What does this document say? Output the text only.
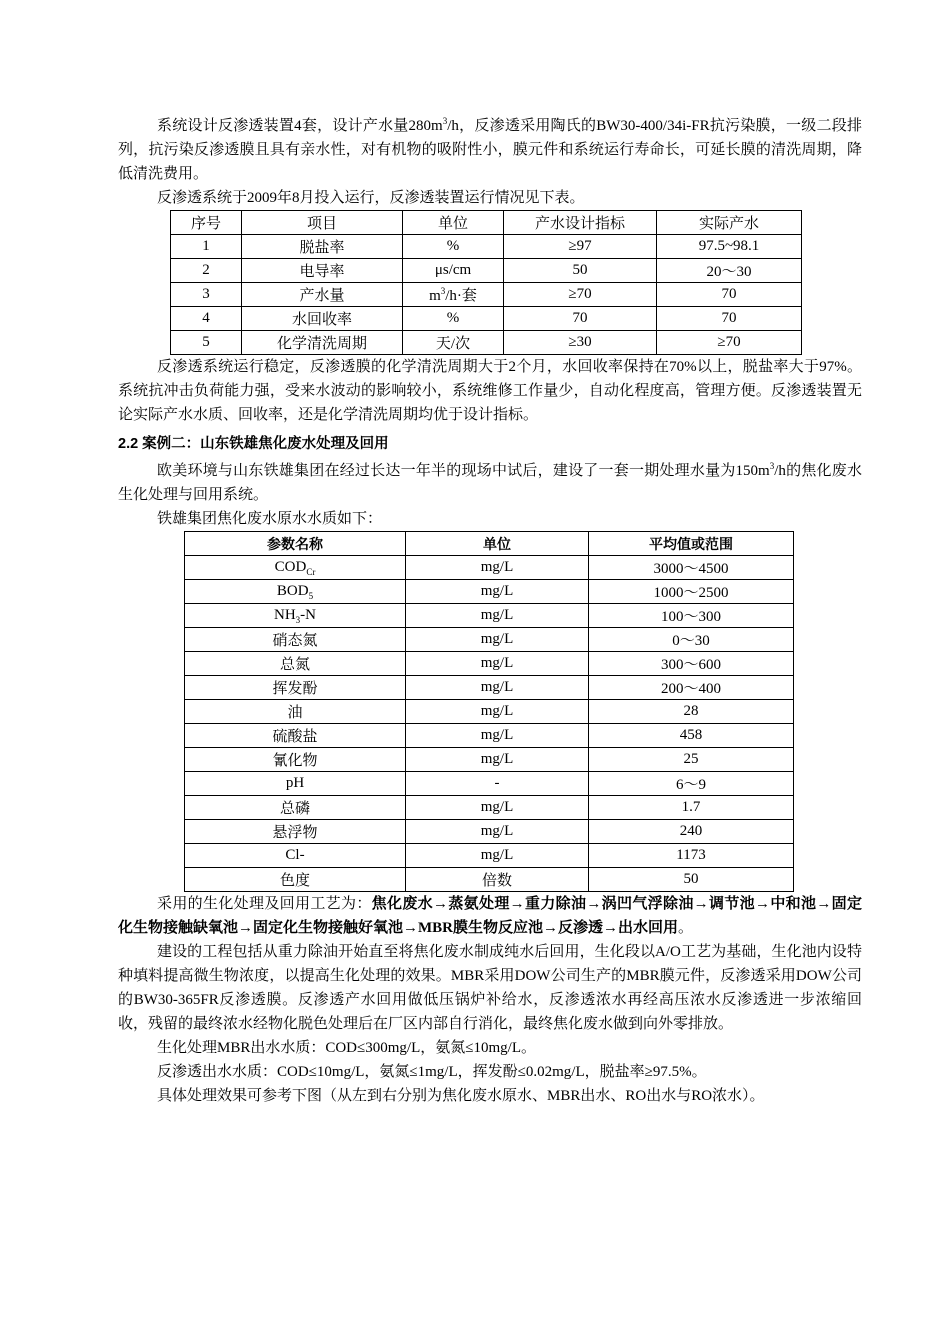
系统设计反渗透装置4套，设计产水量$280m^3/h$，反渗透采用陶氏的BW30-400/34i-FR抗污染膜，一级二段排列，抗污染反渗透膜且具有亲水性，对有机物的吸附性小，膜元件和系统运行寿命长，可延长膜的清洗周期，降低清洗费用。

反渗透系统于2009年8月投入运行，反渗透装置运行情况见下表。

序号	项目	单位	产水设计指标	实际产水
1	脱盐率	%	≥97	97.5~98.1
2	电导率	μs/cm	50	20～30
3	产水量	$m^3/h\cdot$套	≥70	70
4	水回收率	%	70	70
5	化学清洗周期	天/次	≥30	≥70

反渗透系统运行稳定，反渗透膜的化学清洗周期大于2个月，水回收率保持在70%以上，脱盐率大于97%。系统抗冲击负荷能力强，受来水波动的影响较小，系统维修工作量少，自动化程度高，管理方便。反渗透装置无论实际产水水质、回收率，还是化学清洗周期均优于设计指标。

2.2 案例二：山东铁雄焦化废水处理及回用

欧美环境与山东铁雄集团在经过长达一年半的现场中试后，建设了一套一期处理水量为$150m^3/h$的焦化废水生化处理与回用系统。

铁雄集团焦化废水原水水质如下：

参数名称	单位	平均值或范围
$COD_{Cr}$	mg/L	3000～4500
$BOD_5$	mg/L	1000～2500
$NH_3-N$	mg/L	100～300
硝态氮	mg/L	0～30
总氮	mg/L	300～600
挥发酚	mg/L	200～400
油	mg/L	28
硫酸盐	mg/L	458
氰化物	mg/L	25
pH	-	6～9
总磷	mg/L	1.7
悬浮物	mg/L	240
Cl-	mg/L	1173
色度	倍数	50

采用的生化处理及回用工艺为：焦化废水→蒸氨处理→重力除油→涡凹气浮除油→调节池→中和池→固定化生物接触缺氧池→固定化生物接触好氧池→MBR膜生物反应池→反渗透→出水回用。

建设的工程包括从重力除油开始直至将焦化废水制成纯水后回用，生化段以A/O工艺为基础，生化池内设特种填料提高微生物浓度，以提高生化处理的效果。MBR采用DOW公司生产的MBR膜元件，反渗透采用DOW公司的BW30-365FR反渗透膜。反渗透产水回用做低压锅炉补给水，反渗透浓水再经高压浓水反渗透进一步浓缩回收，残留的最终浓水经物化脱色处理后在厂区内部自行消化，最终焦化废水做到向外零排放。

生化处理MBR出水水质：COD≤300mg/L，氨氮≤10mg/L。

反渗透出水水质：COD≤10mg/L，氨氮≤1mg/L，挥发酚≤0.02mg/L，脱盐率≥97.5%。

具体处理效果可参考下图（从左到右分别为焦化废水原水、MBR出水、RO出水与RO浓水）。
